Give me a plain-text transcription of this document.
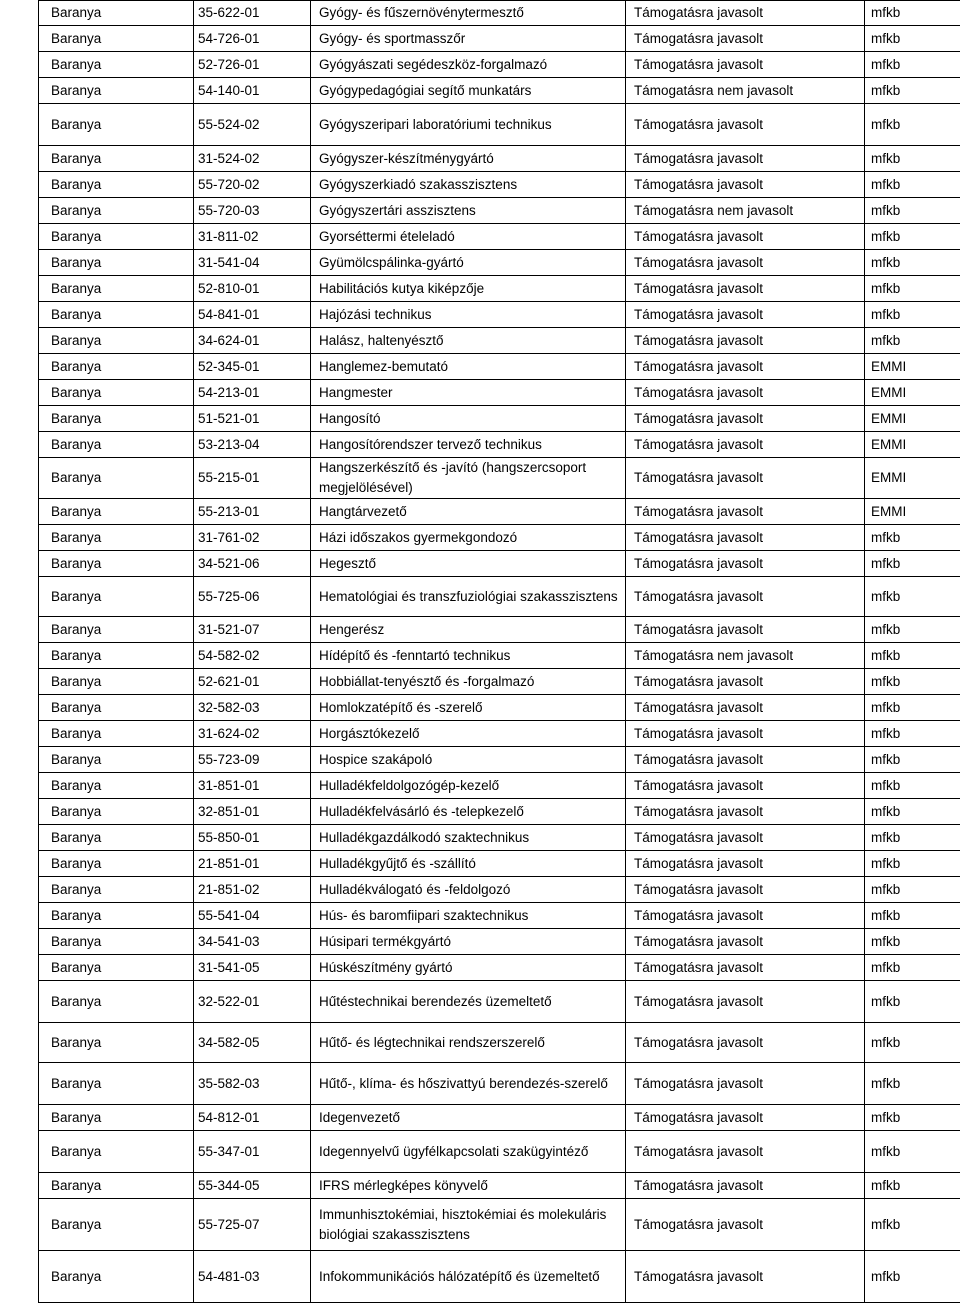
Baranya	35-622-01	Gyógy- és fűszernövénytermesztő	Támogatásra javasolt	mfkb
Baranya	54-726-01	Gyógy- és sportmasszőr	Támogatásra javasolt	mfkb
Baranya	52-726-01	Gyógyászati segédeszköz-forgalmazó	Támogatásra javasolt	mfkb
Baranya	54-140-01	Gyógypedagógiai segítő munkatárs	Támogatásra nem javasolt	mfkb
Baranya	55-524-02	Gyógyszeripari laboratóriumi technikus	Támogatásra javasolt	mfkb
Baranya	31-524-02	Gyógyszer-készítménygyártó	Támogatásra javasolt	mfkb
Baranya	55-720-02	Gyógyszerkiadó szakasszisztens	Támogatásra javasolt	mfkb
Baranya	55-720-03	Gyógyszertári asszisztens	Támogatásra nem javasolt	mfkb
Baranya	31-811-02	Gyorséttermi ételeladó	Támogatásra javasolt	mfkb
Baranya	31-541-04	Gyümölcspálinka-gyártó	Támogatásra javasolt	mfkb
Baranya	52-810-01	Habilitációs kutya kiképzője	Támogatásra javasolt	mfkb
Baranya	54-841-01	Hajózási technikus	Támogatásra javasolt	mfkb
Baranya	34-624-01	Halász, haltenyésztő	Támogatásra javasolt	mfkb
Baranya	52-345-01	Hanglemez-bemutató	Támogatásra javasolt	EMMI
Baranya	54-213-01	Hangmester	Támogatásra javasolt	EMMI
Baranya	51-521-01	Hangosító	Támogatásra javasolt	EMMI
Baranya	53-213-04	Hangosítórendszer tervező technikus	Támogatásra javasolt	EMMI
Baranya	55-215-01	Hangszerkészítő és -javító (hangszercsoport megjelölésével)	Támogatásra javasolt	EMMI
Baranya	55-213-01	Hangtárvezető	Támogatásra javasolt	EMMI
Baranya	31-761-02	Házi időszakos gyermekgondozó	Támogatásra javasolt	mfkb
Baranya	34-521-06	Hegesztő	Támogatásra javasolt	mfkb
Baranya	55-725-06	Hematológiai és transzfuziológiai szakasszisztens	Támogatásra javasolt	mfkb
Baranya	31-521-07	Hengerész	Támogatásra javasolt	mfkb
Baranya	54-582-02	Hídépítő és -fenntartó technikus	Támogatásra nem javasolt	mfkb
Baranya	52-621-01	Hobbiállat-tenyésztő és -forgalmazó	Támogatásra javasolt	mfkb
Baranya	32-582-03	Homlokzatépítő és -szerelő	Támogatásra javasolt	mfkb
Baranya	31-624-02	Horgásztókezelő	Támogatásra javasolt	mfkb
Baranya	55-723-09	Hospice szakápoló	Támogatásra javasolt	mfkb
Baranya	31-851-01	Hulladékfeldolgozógép-kezelő	Támogatásra javasolt	mfkb
Baranya	32-851-01	Hulladékfelvásárló és -telepkezelő	Támogatásra javasolt	mfkb
Baranya	55-850-01	Hulladékgazdálkodó szaktechnikus	Támogatásra javasolt	mfkb
Baranya	21-851-01	Hulladékgyűjtő és -szállító	Támogatásra javasolt	mfkb
Baranya	21-851-02	Hulladékválogató és -feldolgozó	Támogatásra javasolt	mfkb
Baranya	55-541-04	Hús- és baromfiipari szaktechnikus	Támogatásra javasolt	mfkb
Baranya	34-541-03	Húsipari termékgyártó	Támogatásra javasolt	mfkb
Baranya	31-541-05	Húskészítmény gyártó	Támogatásra javasolt	mfkb
Baranya	32-522-01	Hűtéstechnikai berendezés üzemeltető	Támogatásra javasolt	mfkb
Baranya	34-582-05	Hűtő- és légtechnikai rendszerszerelő	Támogatásra javasolt	mfkb
Baranya	35-582-03	Hűtő-, klíma- és hőszivattyú berendezés-szerelő	Támogatásra javasolt	mfkb
Baranya	54-812-01	Idegenvezető	Támogatásra javasolt	mfkb
Baranya	55-347-01	Idegennyelvű ügyfélkapcsolati szakügyintéző	Támogatásra javasolt	mfkb
Baranya	55-344-05	IFRS mérlegképes könyvelő	Támogatásra javasolt	mfkb
Baranya	55-725-07	Immunhisztokémiai, hisztokémiai és molekuláris biológiai szakasszisztens	Támogatásra javasolt	mfkb
Baranya	54-481-03	Infokommunikációs hálózatépítő és üzemeltető	Támogatásra javasolt	mfkb
